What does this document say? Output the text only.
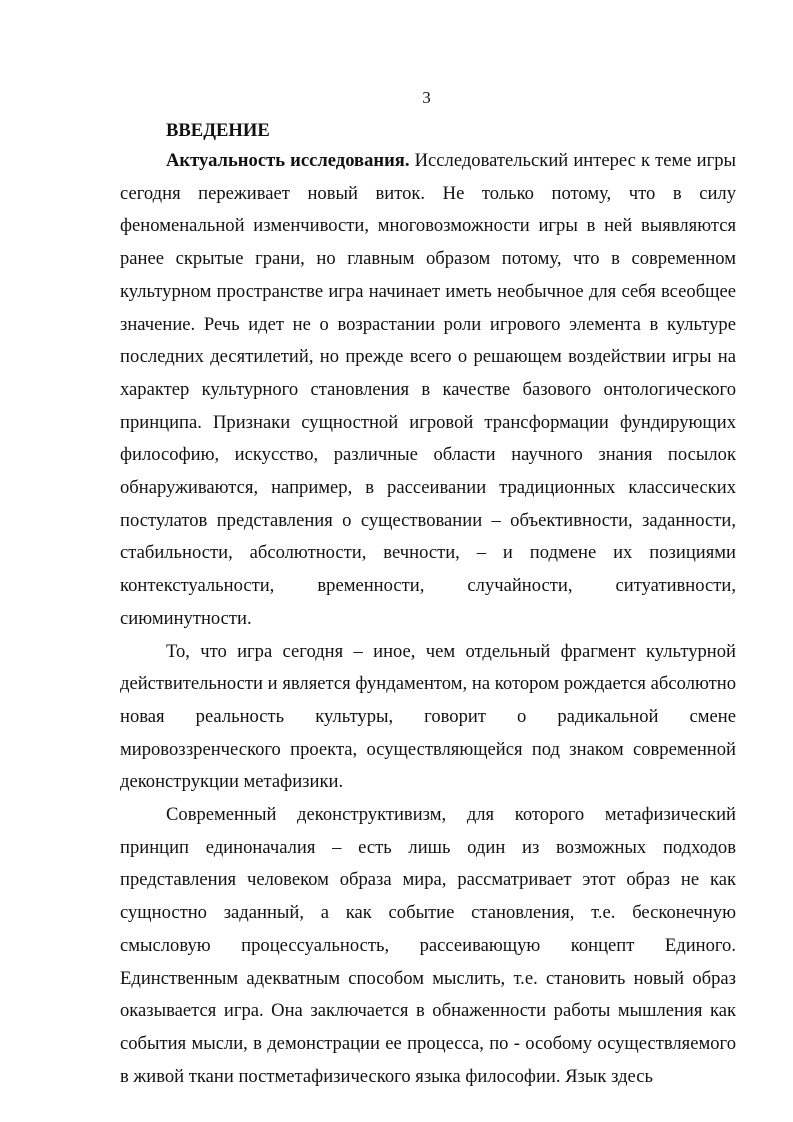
3

ВВЕДЕНИЕ

Актуальность исследования. Исследовательский интерес к теме игры сегодня переживает новый виток. Не только потому, что в силу феноменальной изменчивости, многовозможности игры в ней выявляются ранее скрытые грани, но главным образом потому, что в современном культурном пространстве игра начинает иметь необычное для себя всеобщее значение. Речь идет не о возрастании роли игрового элемента в культуре последних десятилетий, но прежде всего о решающем воздействии игры на характер культурного становления в качестве базового онтологического принципа. Признаки сущностной игровой трансформации фундирующих философию, искусство, различные области научного знания посылок обнаруживаются, например, в рассеивании традиционных классических постулатов представления о существовании – объективности, заданности, стабильности, абсолютности, вечности, – и подмене их позициями контекстуальности, временности, случайности, ситуативности, сиюминутности.

То, что игра сегодня – иное, чем отдельный фрагмент культурной действительности и является фундаментом, на котором рождается абсолютно новая реальность культуры, говорит о радикальной смене мировоззренческого проекта, осуществляющейся под знаком современной деконструкции метафизики.

Современный деконструктивизм, для которого метафизический принцип единоначалия – есть лишь один из возможных подходов представления человеком образа мира, рассматривает этот образ не как сущностно заданный, а как событие становления, т.е. бесконечную смысловую процессуальность, рассеивающую концепт Единого. Единственным адекватным способом мыслить, т.е. становить новый образ оказывается игра. Она заключается в обнаженности работы мышления как события мысли, в демонстрации ее процесса, по - особому осуществляемого в живой ткани постметафизического языка философии. Язык здесь
